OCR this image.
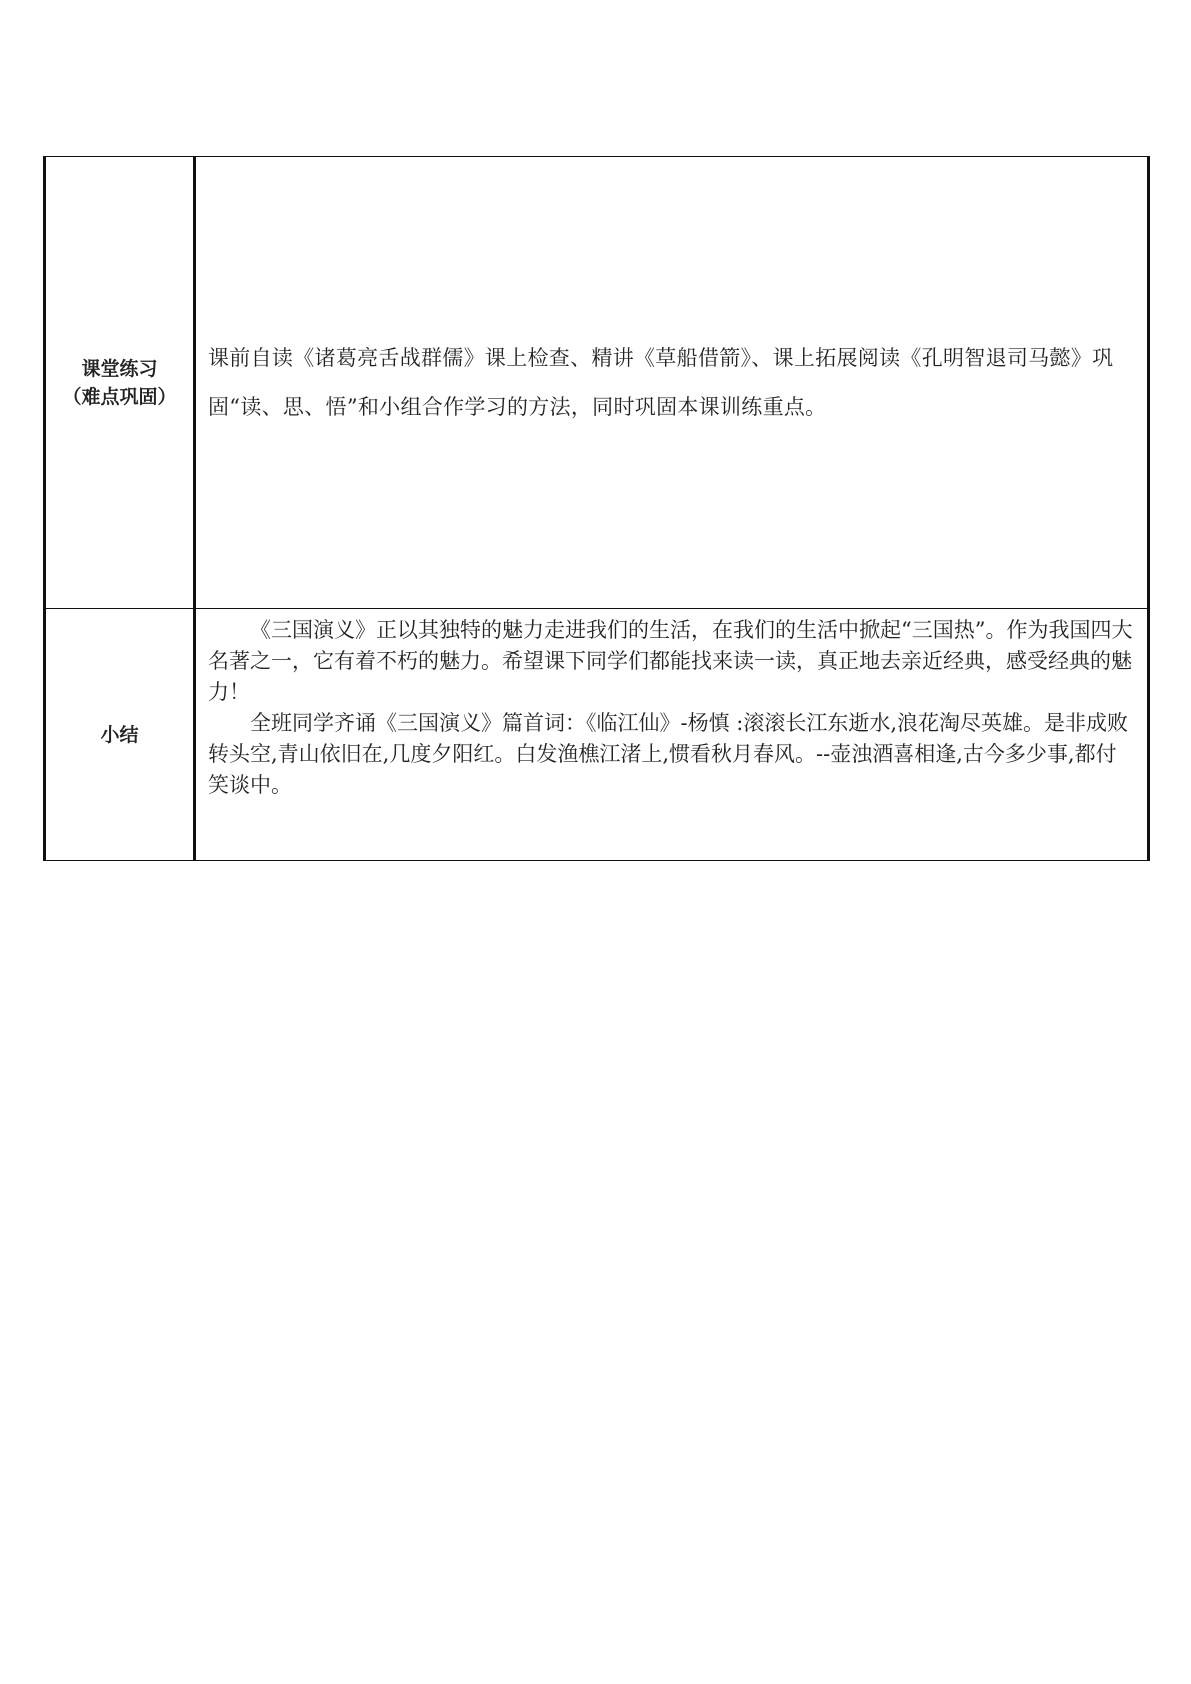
课堂练习
（难点巩固）	课前自读《诸葛亮舌战群儒》课上检查、精讲《草船借箭》、课上拓展阅读《孔明智退司马懿》巩固“读、思、悟”和小组合作学习的方法，同时巩固本课训练重点。

小结	《三国演义》正以其独特的魅力走进我们的生活，在我们的生活中掀起“三国热”。作为我国四大名著之一，它有着不朽的魅力。希望课下同学们都能找来读一读，真正地去亲近经典，感受经典的魅力！

全班同学齐诵《三国演义》篇首词：《临江仙》-杨慎 :滚滚长江东逝水,浪花淘尽英雄。是非成败转头空,青山依旧在,几度夕阳红。白发渔樵江渚上,惯看秋月春风。--壶浊酒喜相逢,古今多少事,都付笑谈中。
